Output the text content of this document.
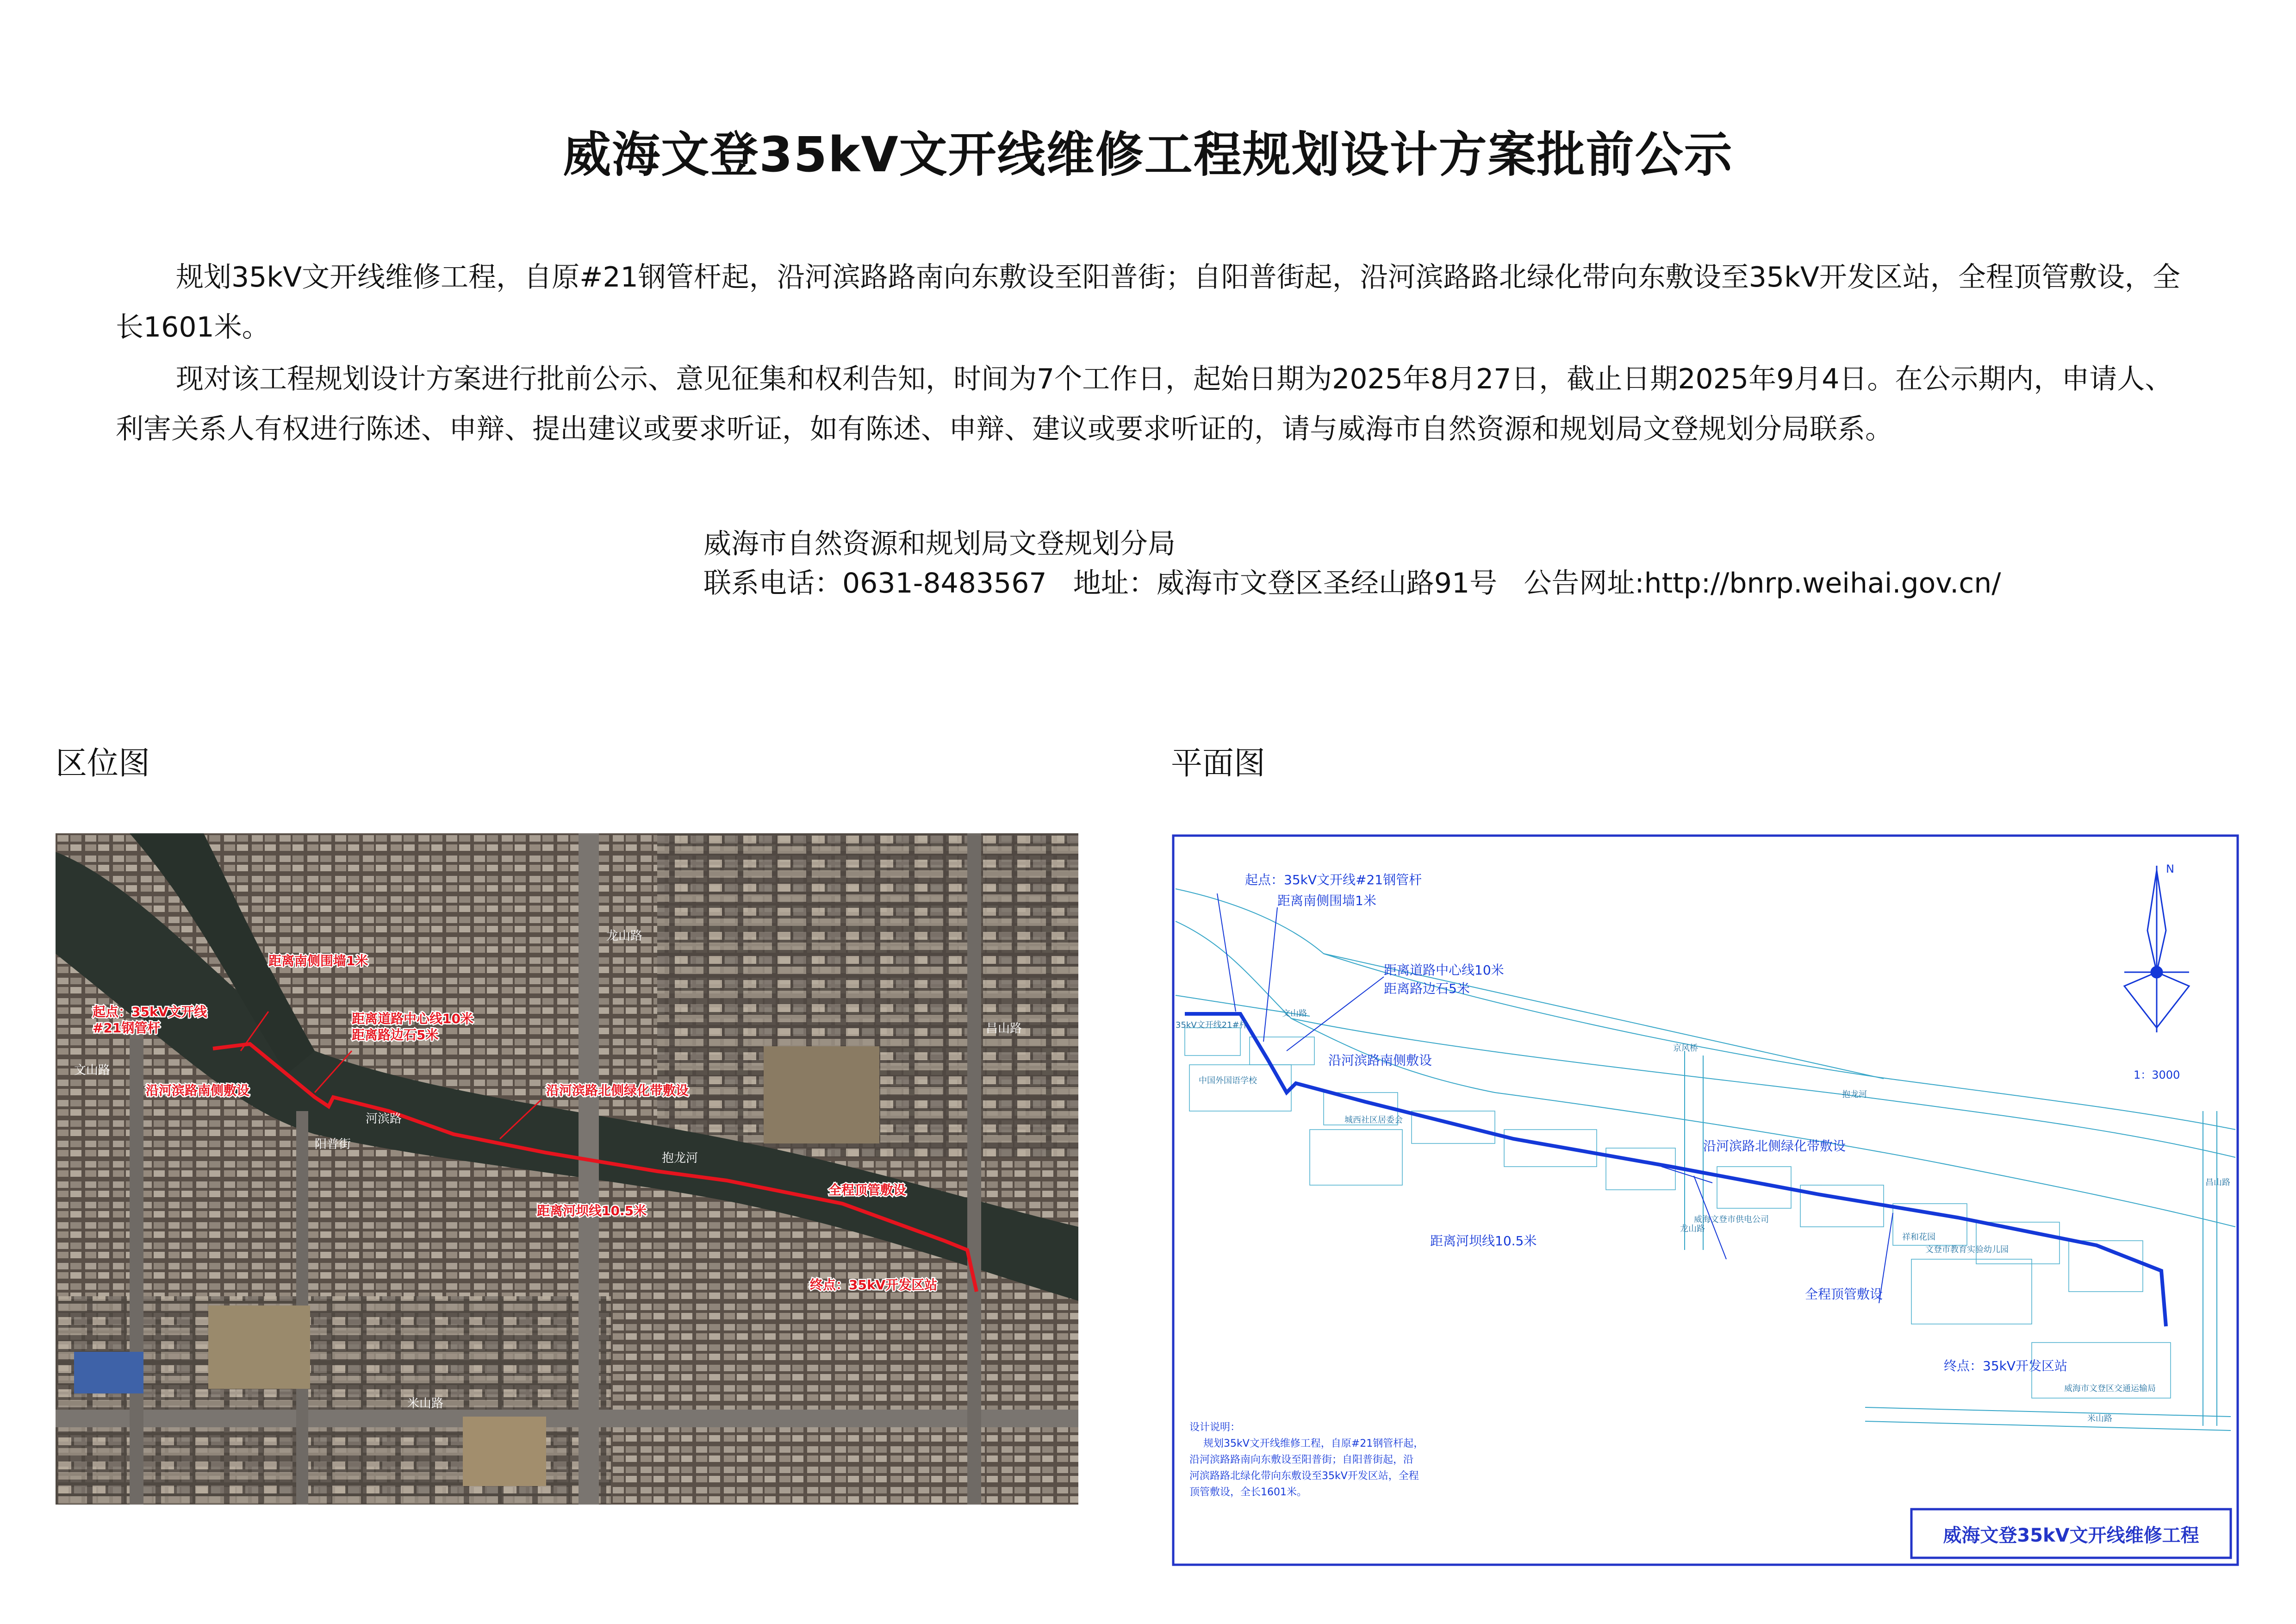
威海文登35kV文开线维修工程规划设计方案批前公示
规划35kV文开线维修工程，自原#21钢管杆起，沿河滨路路南向东敷设至阳普街；自阳普街起，沿河滨路路北绿化带向东敷设至35kV开发区站，全程顶管敷设，全长1601米。
现对该工程规划设计方案进行批前公示、意见征集和权利告知，时间为7个工作日，起始日期为2025年8月27日，截止日期2025年9月4日。在公示期内，申请人、利害关系人有权进行陈述、申辩、提出建议或要求听证，如有陈述、申辩、建议或要求听证的，请与威海市自然资源和规划局文登规划分局联系。
威海市自然资源和规划局文登规划分局
联系电话：0631-8483567   地址：威海市文登区圣经山路91号   公告网址:http://bnrp.weihai.gov.cn/
区位图	平面图
距离南侧围墙1米
起点：35kV文开线
#21钢管杆
距离道路中心线10米
距离路边石5米
沿河滨路南侧敷设	沿河滨路北侧绿化带敷设
全程顶管敷设
距离河坝线10.5米
终点：35kV开发区站
文山路
龙山路
阳普街
昌山路
米山路
河滨路
抱龙河
起点：35kV文开线#21钢管杆
距离南侧围墙1米
距离道路中心线10米
距离路边石5米
沿河滨路南侧敷设
沿河滨路北侧绿化带敷设
距离河坝线10.5米
全程顶管敷设
终点：35kV开发区站
文山路
35kV文开线21#杆
米山路
龙山路
昌山路
抱龙河
中国外国语学校
威海文登市供电公司
文登市教育实验幼儿园
祥和花园
威海市文登区交通运输局
城西社区居委会
京风桥
N
1：3000
设计说明：
规划35kV文开线维修工程，自原#21钢管杆起，
沿河滨路路南向东敷设至阳普街；自阳普街起，沿
河滨路路北绿化带向东敷设至35kV开发区站，全程
顶管敷设，全长1601米。
威海文登35kV文开线维修工程
